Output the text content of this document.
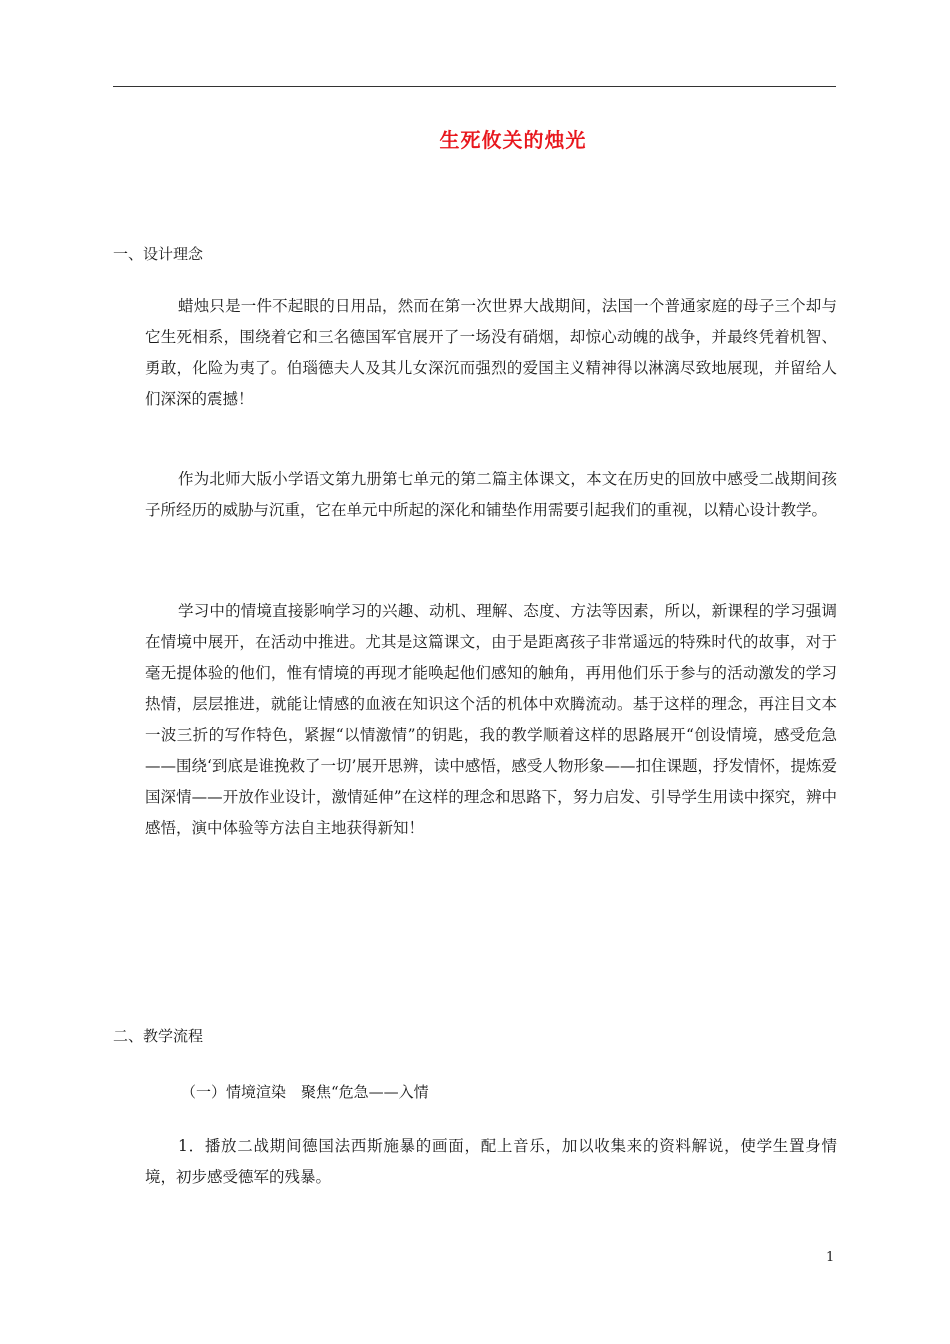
生死攸关的烛光
一、设计理念

蜡烛只是一件不起眼的日用品，然而在第一次世界大战期间，法国一个普通家庭的母子三个却与它生死相系，围绕着它和三名德国军官展开了一场没有硝烟，却惊心动魄的战争，并最终凭着机智、勇敢，化险为夷了。伯瑙德夫人及其儿女深沉而强烈的爱国主义精神得以淋漓尽致地展现，并留给人们深深的震撼！

作为北师大版小学语文第九册第七单元的第二篇主体课文，本文在历史的回放中感受二战期间孩子所经历的威胁与沉重，它在单元中所起的深化和铺垫作用需要引起我们的重视，以精心设计教学。

学习中的情境直接影响学习的兴趣、动机、理解、态度、方法等因素，所以，新课程的学习强调在情境中展开，在活动中推进。尤其是这篇课文，由于是距离孩子非常遥远的特殊时代的故事，对于毫无提体验的他们，惟有情境的再现才能唤起他们感知的触角，再用他们乐于参与的活动激发的学习热情，层层推进，就能让情感的血液在知识这个活的机体中欢腾流动。基于这样的理念，再注目文本一波三折的写作特色，紧握“以情激情”的钥匙，我的教学顺着这样的思路展开“创设情境，感受危急——围绕‘到底是谁挽救了一切’展开思辨，读中感悟，感受人物形象——扣住课题，抒发情怀，提炼爱国深情——开放作业设计，激情延伸”在这样的理念和思路下，努力启发、引导学生用读中探究，辨中感悟，演中体验等方法自主地获得新知！

二、教学流程
（一）情境渲染　聚焦“危急——入情

1．播放二战期间德国法西斯施暴的画面，配上音乐，加以收集来的资料解说，使学生置身情境，初步感受德军的残暴。

1
